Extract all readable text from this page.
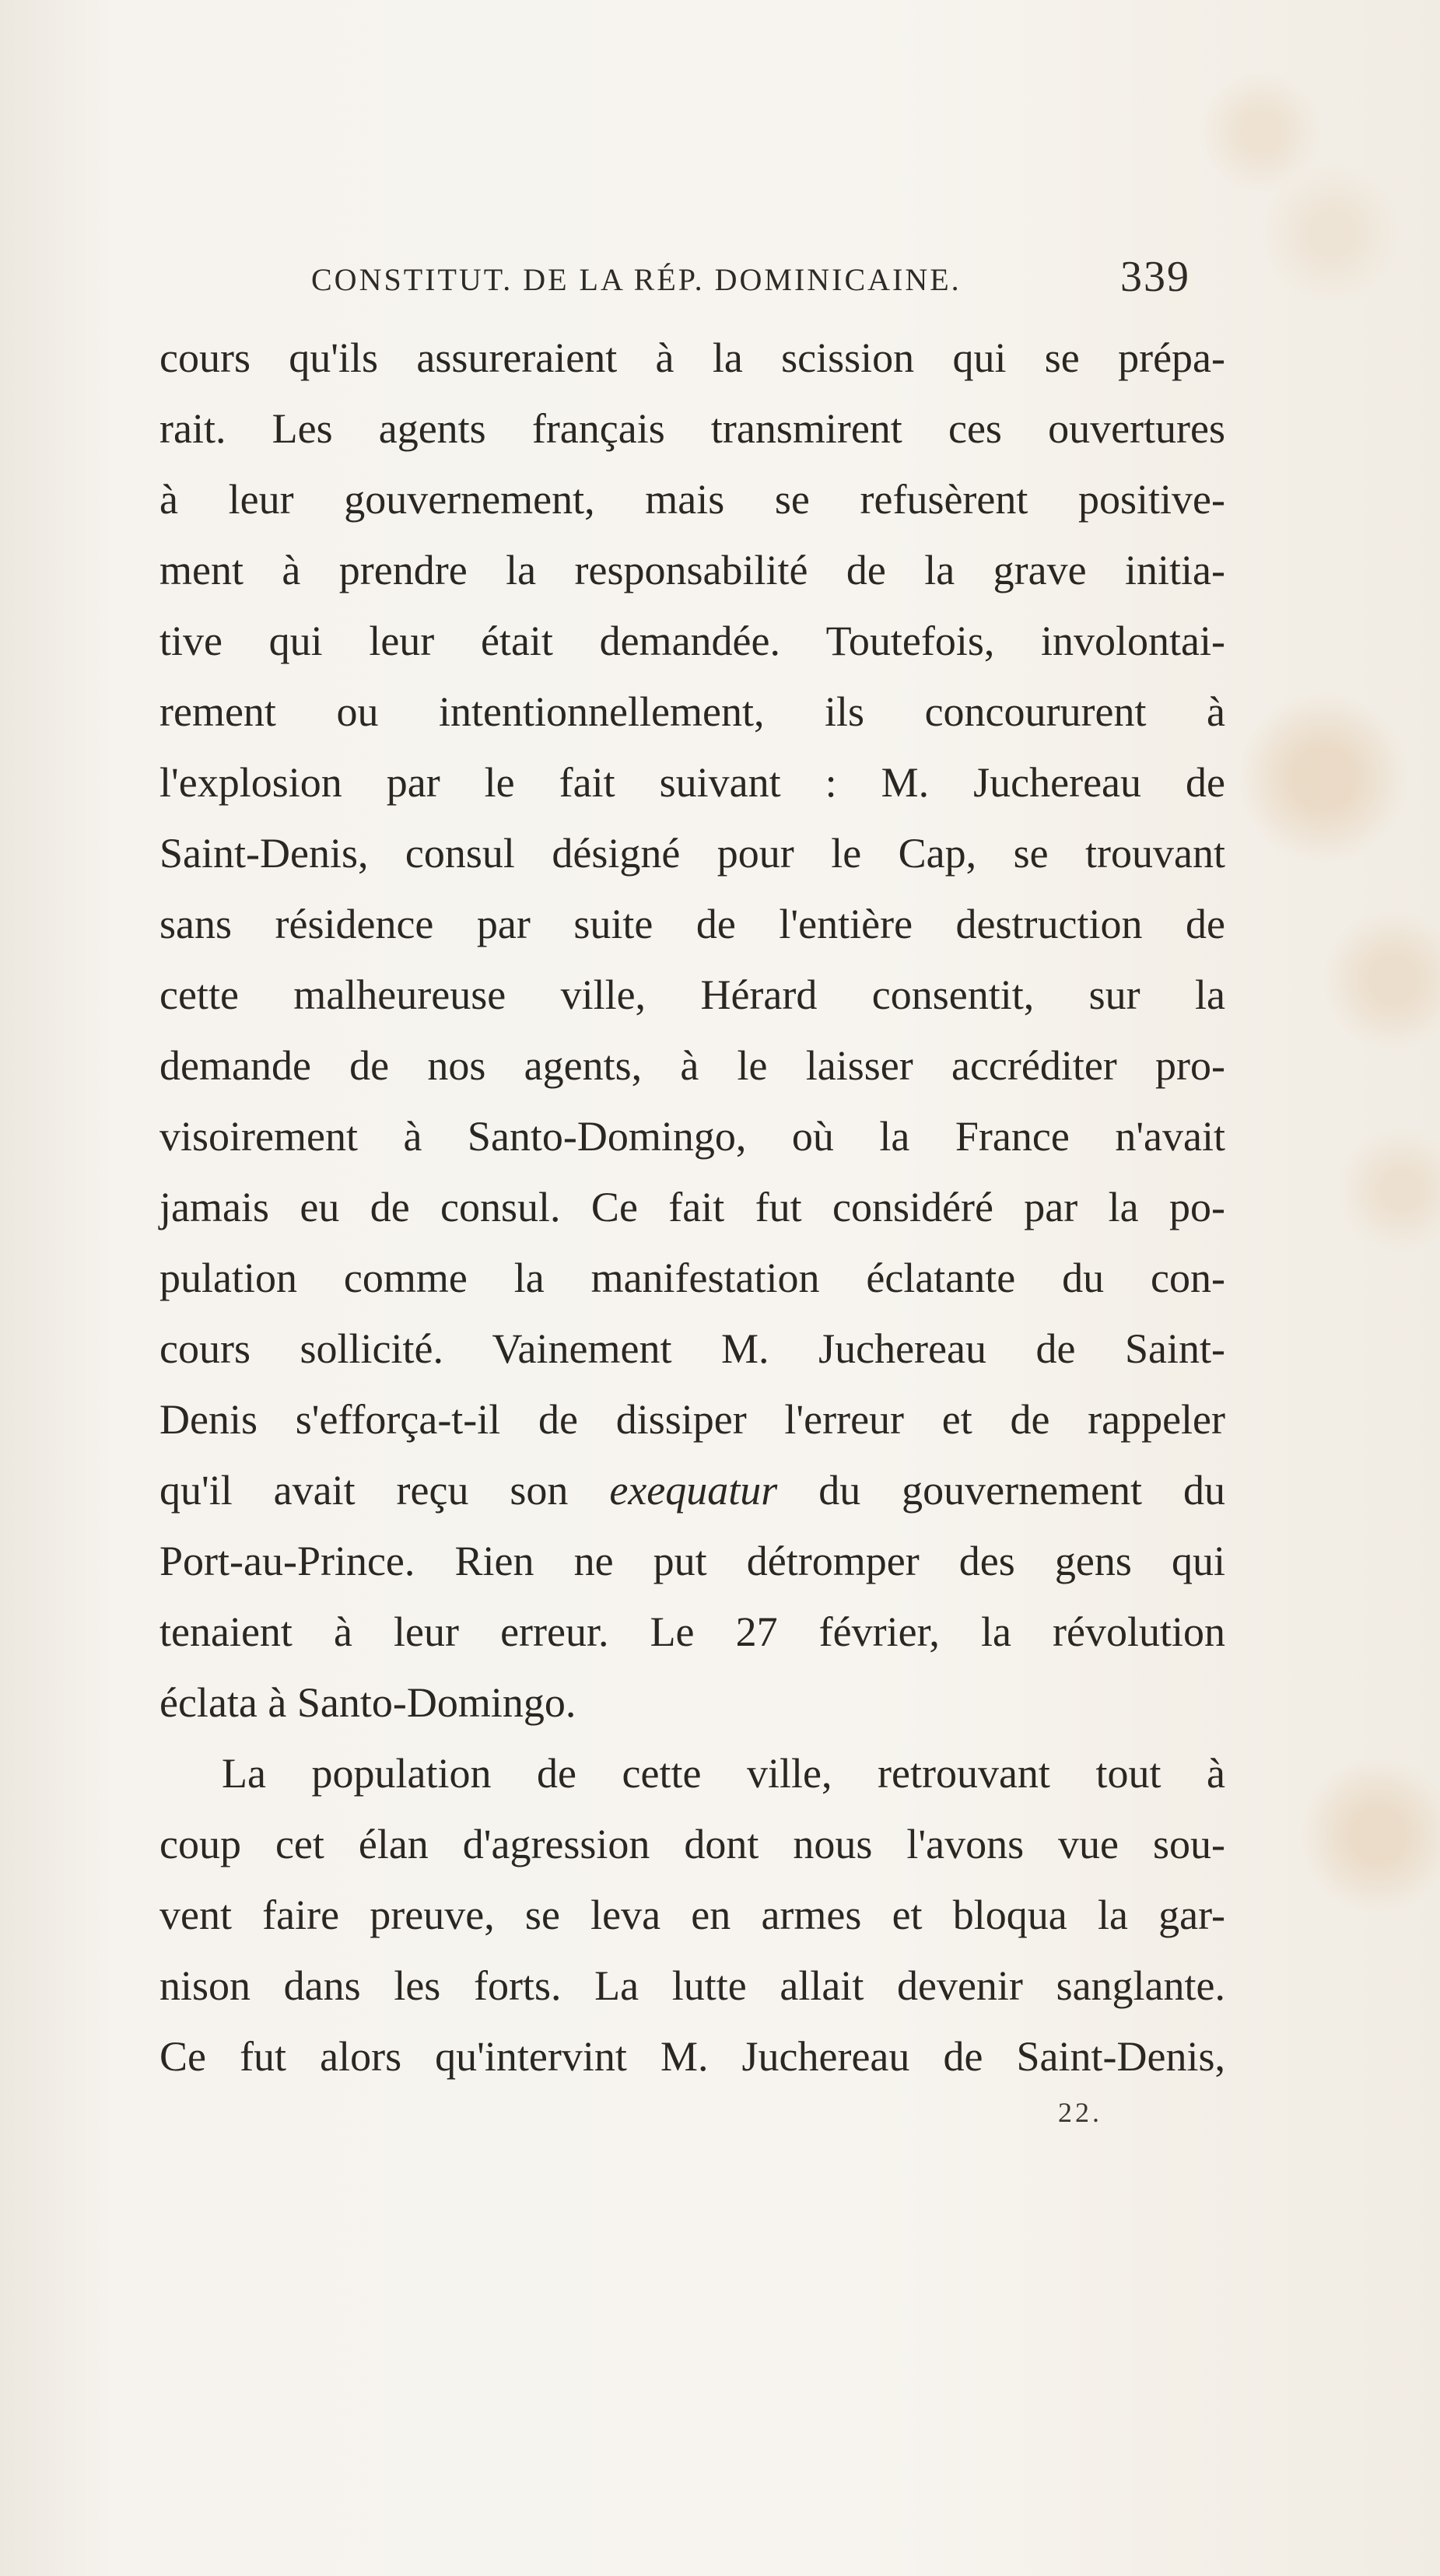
CONSTITUT. DE LA RÉP. DOMINICAINE.	339
cours qu'ils assureraient à la scission qui se prépa-
rait. Les agents français transmirent ces ouvertures
à leur gouvernement, mais se refusèrent positive-
ment à prendre la responsabilité de la grave initia-
tive qui leur était demandée. Toutefois, involontai-
rement ou intentionnellement, ils concoururent à
l'explosion par le fait suivant : M. Juchereau de
Saint-Denis, consul désigné pour le Cap, se trouvant
sans résidence par suite de l'entière destruction de
cette malheureuse ville, Hérard consentit, sur la
demande de nos agents, à le laisser accréditer pro-
visoirement à Santo-Domingo, où la France n'avait
jamais eu de consul. Ce fait fut considéré par la po-
pulation comme la manifestation éclatante du con-
cours sollicité. Vainement M. Juchereau de Saint-
Denis s'efforça-t-il de dissiper l'erreur et de rappeler
qu'il avait reçu son exequatur du gouvernement du
Port-au-Prince. Rien ne put détromper des gens qui
tenaient à leur erreur. Le 27 février, la révolution
éclata à Santo-Domingo.
La population de cette ville, retrouvant tout à
coup cet élan d'agression dont nous l'avons vue sou-
vent faire preuve, se leva en armes et bloqua la gar-
nison dans les forts. La lutte allait devenir sanglante.
Ce fut alors qu'intervint M. Juchereau de Saint-Denis,
22.
